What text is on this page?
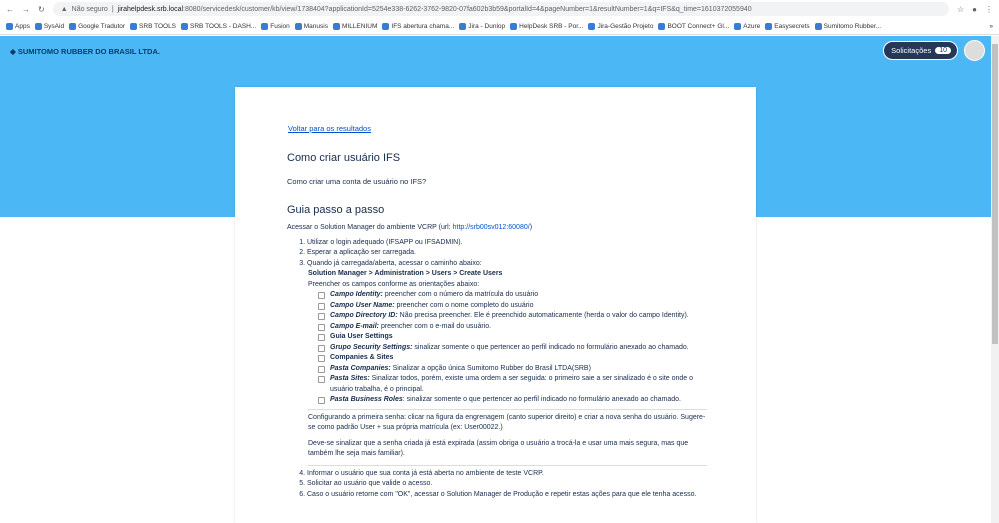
← → ↻ ▲ Não seguro | jirahelpdesk.srb.local:8080/servicedesk/customer/kb/view/1738404?applicationId=5254e338-6262-3762-9820-07fa602b3b59&portalId=4&pageNumber=1&resultNumber=1&q=IFS&q_time=1610372055940	☆ ● ⋮
Apps SysAid Google Tradutor SRB TOOLS SRB TOOLS - DASH... Fusion Manusis MILLENIUM IFS abertura chama... Jira - Dunlop HelpDesk SRB - Por... Jira-Gestão Projeto BOOT Connect+ Gl... Azure Easysecrets Sumitomo Rubber...	»
◆ SUMITOMO RUBBER DO BRASIL LTDA.	Solicitações	10
Voltar para os resultados
Como criar usuário IFS
Como criar uma conta de usuário no IFS?
Guia passo a passo
Acessar o Solution Manager do ambiente VCRP (url: http://srb00sv012:60080/)
1. Utilizar o login adequado (IFSAPP ou IFSADMIN).
2. Esperar a aplicação ser carregada.
3. Quando já carregada/aberta, acessar o caminho abaixo:
Solution Manager > Administration > Users > Create Users
Preencher os campos conforme as orientações abaixo:
Campo Identity: preencher com o número da matrícula do usuário
Campo User Name: preencher com o nome completo do usuário
Campo Directory ID: Não precisa preencher. Ele é preenchido automaticamente (herda o valor do campo Identity).
Campo E-mail: preencher com o e-mail do usuário.
Guia User Settings
Grupo Security Settings: sinalizar somente o que pertencer ao perfil indicado no formulário anexado ao chamado.
Companies & Sites
Pasta Companies: Sinalizar a opção única Sumitomo Rubber do Brasil LTDA(SRB)
Pasta Sites: Sinalizar todos, porém, existe uma ordem a ser seguida: o primeiro saie a ser sinalizado é o site onde o usuário trabalha, é o principal.
Pasta Business Roles: sinalizar somente o que pertencer ao perfil indicado no formulário anexado ao chamado.

Configurando a primeira senha: clicar na figura da engrenagem (canto superior direito) e criar a nova senha do usuário. Sugere-se como padrão User + sua própria matrícula (ex: User00022.)

Deve-se sinalizar que a senha criada já está expirada (assim obriga o usuário a trocá-la e usar uma mais segura, mas que também lhe seja mais familiar).

4. Informar o usuário que sua conta já está aberta no ambiente de teste VCRP.
5. Solicitar ao usuário que valide o acesso.
6. Caso o usuário retorne com "OK", acessar o Solution Manager de Produção e repetir estas ações para que ele tenha acesso.
